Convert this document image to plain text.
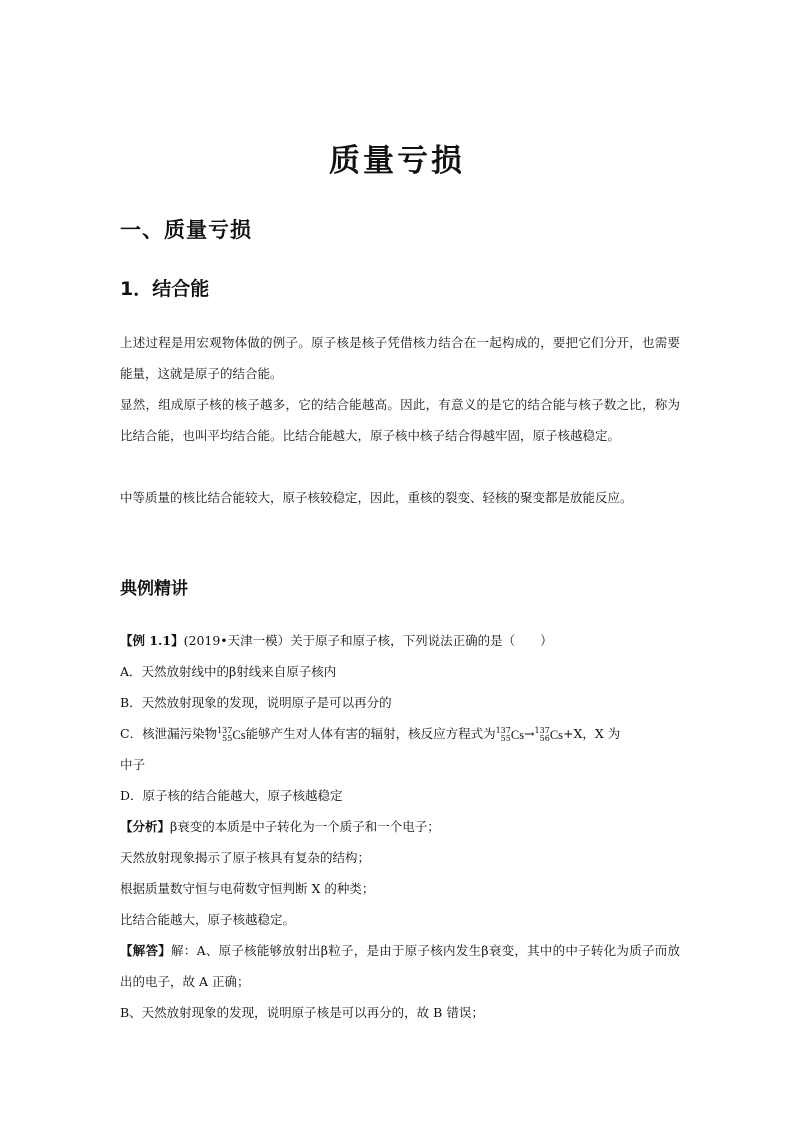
质量亏损
一、质量亏损
1．结合能

上述过程是用宏观物体做的例子。原子核是核子凭借核力结合在一起构成的，要把它们分开，也需要能量，这就是原子的结合能。

显然，组成原子核的核子越多，它的结合能越高。因此，有意义的是它的结合能与核子数之比，称为比结合能，也叫平均结合能。比结合能越大，原子核中核子结合得越牢固，原子核越稳定。

中等质量的核比结合能较大，原子核较稳定，因此，重核的裂变、轻核的聚变都是放能反应。

典例精讲
【例 1.1】(2019•天津一模）关于原子和原子核，下列说法正确的是（　　）
A．天然放射线中的β射线来自原子核内
B．天然放射现象的发现，说明原子是可以再分的
C．核泄漏污染物 137
55 Cs能够产生对人体有害的辐射，核反应方程式为 137
55 Cs→ 137
56 Cs+X，X 为
中子
D．原子核的结合能越大，原子核越稳定
【分析】β衰变的本质是中子转化为一个质子和一个电子；
天然放射现象揭示了原子核具有复杂的结构；
根据质量数守恒与电荷数守恒判断 X 的种类；
比结合能越大，原子核越稳定。

【解答】解：A、原子核能够放射出β粒子，是由于原子核内发生β衰变，其中的中子转化为质子而放出的电子，故 A 正确；

B、天然放射现象的发现，说明原子核是可以再分的，故 B 错误；
